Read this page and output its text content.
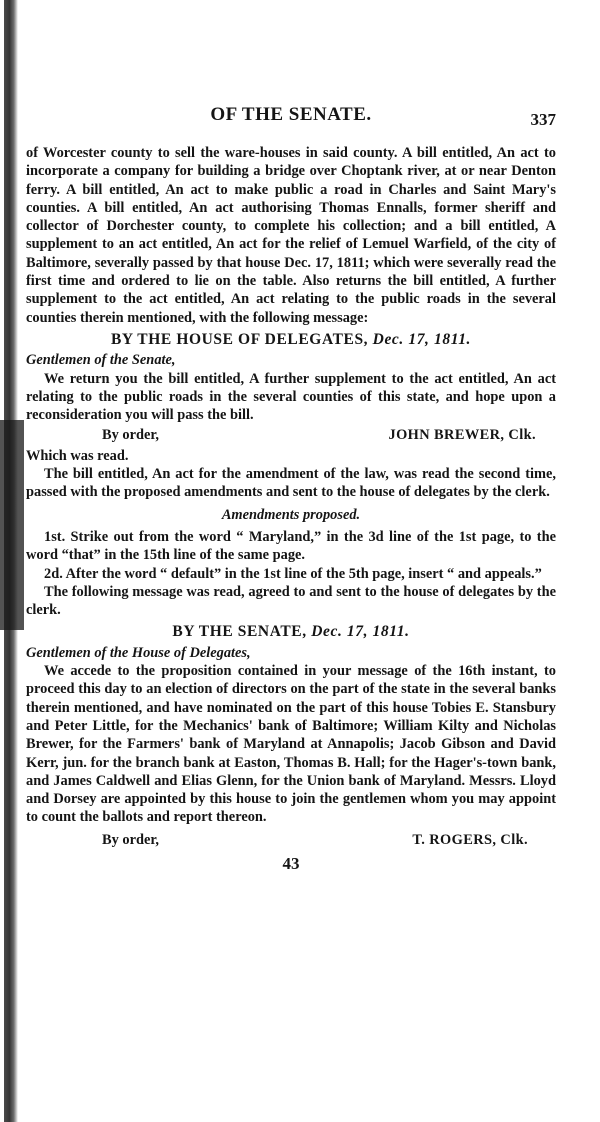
OF THE SENATE.	337

of Worcester county to sell the ware-houses in said county. A bill entitled, An act to incorporate a company for building a bridge over Choptank river, at or near Denton ferry. A bill entitled, An act to make public a road in Charles and Saint Mary's counties. A bill entitled, An act authorising Thomas Ennalls, former sheriff and collector of Dorchester county, to complete his collection; and a bill entitled, A supplement to an act entitled, An act for the relief of Lemuel Warfield, of the city of Baltimore, severally passed by that house Dec. 17, 1811; which were severally read the first time and ordered to lie on the table. Also returns the bill entitled, A further supplement to the act entitled, An act relating to the public roads in the several counties therein mentioned, with the following message:

BY THE HOUSE OF DELEGATES, Dec. 17, 1811.

Gentlemen of the Senate,

We return you the bill entitled, A further supplement to the act entitled, An act relating to the public roads in the several counties of this state, and hope upon a reconsideration you will pass the bill.

By order,	JOHN BREWER, Clk.

Which was read.

The bill entitled, An act for the amendment of the law, was read the second time, passed with the proposed amendments and sent to the house of delegates by the clerk.

Amendments proposed.

1st. Strike out from the word “ Maryland,” in the 3d line of the 1st page, to the word “that” in the 15th line of the same page.

2d. After the word “ default” in the 1st line of the 5th page, insert “ and appeals.”

The following message was read, agreed to and sent to the house of delegates by the clerk.

BY THE SENATE, Dec. 17, 1811.

Gentlemen of the House of Delegates,

We accede to the proposition contained in your message of the 16th instant, to proceed this day to an election of directors on the part of the state in the several banks therein mentioned, and have nominated on the part of this house Tobies E. Stansbury and Peter Little, for the Mechanics' bank of Baltimore; William Kilty and Nicholas Brewer, for the Farmers' bank of Maryland at Annapolis; Jacob Gibson and David Kerr, jun. for the branch bank at Easton, Thomas B. Hall; for the Hager's-town bank, and James Caldwell and Elias Glenn, for the Union bank of Maryland. Messrs. Lloyd and Dorsey are appointed by this house to join the gentlemen whom you may appoint to count the ballots and report thereon.

By order,	T. ROGERS, Clk.
43
